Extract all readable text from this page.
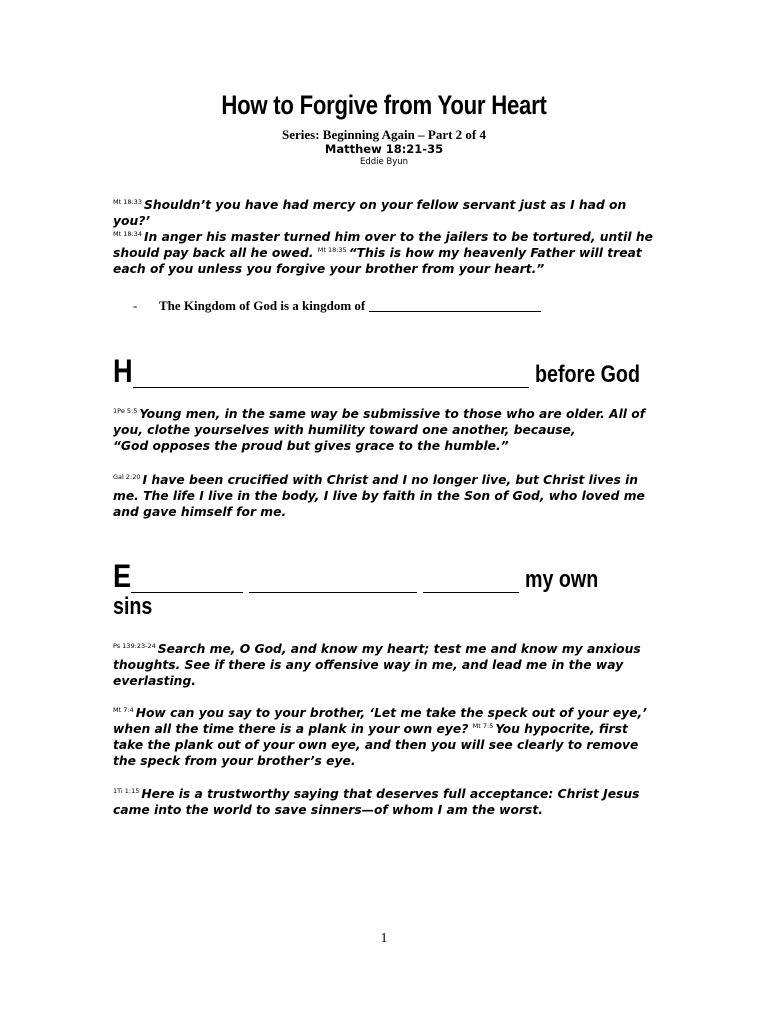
How to Forgive from Your Heart
Series: Beginning Again – Part 2 of 4
Matthew 18:21-35
Eddie Byun

$^{Mt 18:33}$ Shouldn’t you have had mercy on your fellow servant just as I had on you?’
$^{Mt 18:34}$ In anger his master turned him over to the jailers to be tortured, until he should pay back all he owed. $^{Mt 18:35}$ “This is how my heavenly Father will treat each of you unless you forgive your brother from your heart.”

- The Kingdom of God is a kingdom of
H	before God

$^{1Pe 5:5}$ Young men, in the same way be submissive to those who are older. All of you, clothe yourselves with humility toward one another, because,
“God opposes the proud but gives grace to the humble.”

$^{Gal 2:20}$ I have been crucified with Christ and I no longer live, but Christ lives in me. The life I live in the body, I live by faith in the Son of God, who loved me and gave himself for me.

E	my own
sins

$^{Ps 139:23-24}$ Search me, O God, and know my heart; test me and know my anxious thoughts. See if there is any offensive way in me, and lead me in the way everlasting.

$^{Mt 7:4}$ How can you say to your brother, ‘Let me take the speck out of your eye,’ when all the time there is a plank in your own eye? $^{Mt 7:5}$ You hypocrite, first take the plank out of your own eye, and then you will see clearly to remove the speck from your brother’s eye.

$^{1Ti 1:15}$ Here is a trustworthy saying that deserves full acceptance: Christ Jesus came into the world to save sinners—of whom I am the worst.

1
